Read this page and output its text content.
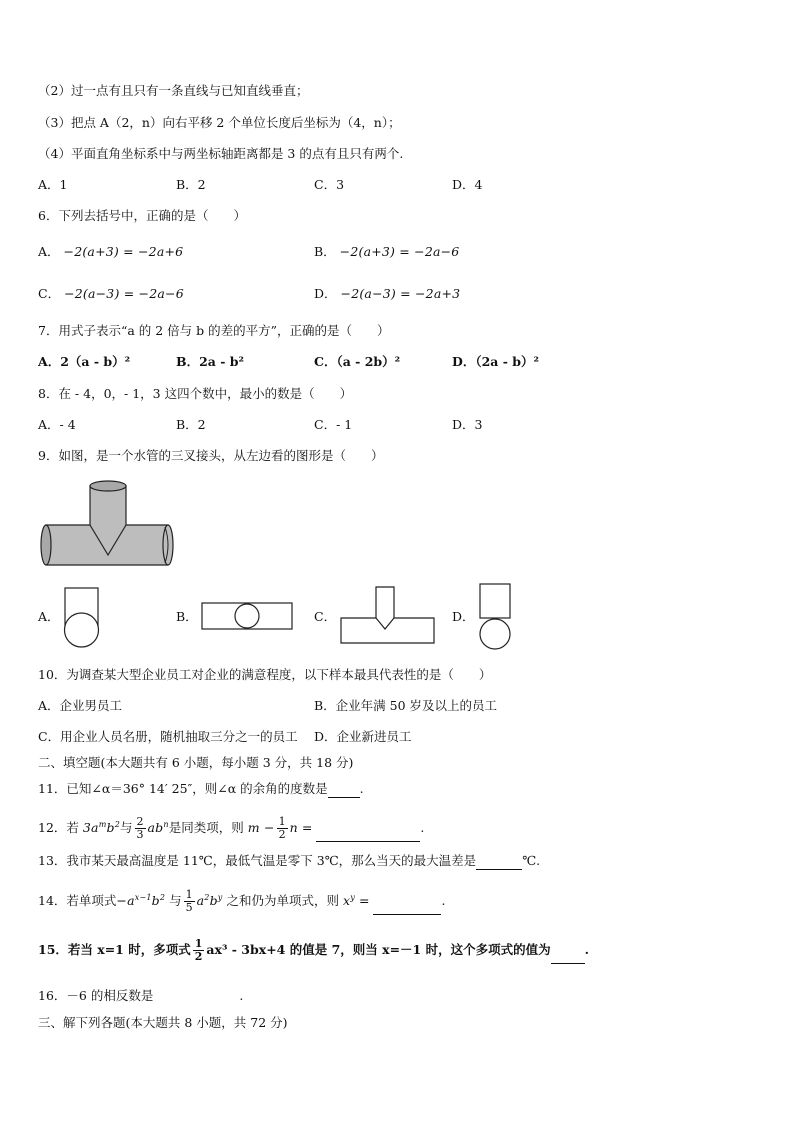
（2）过一点有且只有一条直线与已知直线垂直；
（3）把点 A（2，n）向右平移 2 个单位长度后坐标为（4，n）；
（4）平面直角坐标系中与两坐标轴距离都是 3 的点有且只有两个.
A．1	B．2	C．3	D．4
6．下列去括号中，正确的是（　　）
A． −2(a+3) = −2a+6	B． −2(a+3) = −2a−6
C． −2(a−3) = −2a−6	D． −2(a−3) = −2a+3
7．用式子表示“a 的 2 倍与 b 的差的平方”，正确的是（　　）
A．2（a - b）²	B．2a - b²	C．（a - 2b）²	D．（2a - b）²
8．在 - 4，0，- 1，3 这四个数中，最小的数是（　　）
A．- 4	B．2	C．- 1	D．3
9．如图，是一个水管的三叉接头，从左边看的图形是（　　）
A．	B．	C．	D．
10．为调查某大型企业员工对企业的满意程度，以下样本最具代表性的是（　　）
A．企业男员工	B．企业年满 50 岁及以上的员工
C．用企业人员名册，随机抽取三分之一的员工 D．企业新进员工
二、填空题(本大题共有 6 小题，每小题 3 分，共 18 分)
11．已知∠α＝36° 14′ 25″，则∠α 的余角的度数是	.
12．若 $3a^mb^2$与 $\frac{2}{3} ab^n$是同类项，则 $m - \frac{1}{2}$ n =	.
13．我市某天最高温度是 11℃，最低气温是零下 3℃，那么当天的最大温差是	℃.
14．若单项式$-a^{x-1}b^2$ 与 $\frac{1}{5} a^2b^y$ 之和仍为单项式，则 $x^y$ =	.
15．若当 x=1 时，多项式 $\frac{1}{2} ax^3 - 3bx+4$ 的值是 7，则当 x=－1 时，这个多项式的值为	.
16．－6 的相反数是	.
三、解下列各题(本大题共 8 小题，共 72 分)
